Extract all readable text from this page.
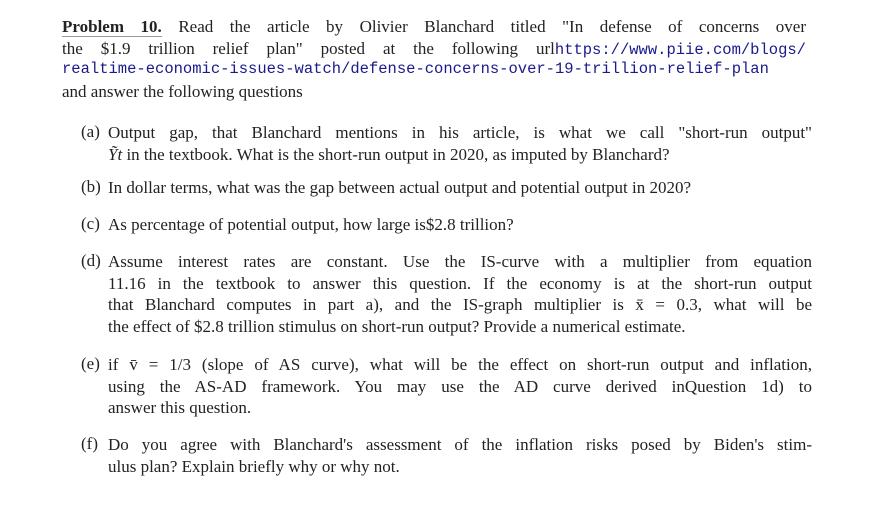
Problem 10. Read the article by Olivier Blanchard titled "In defense of concerns over
the $1.9 trillion relief plan" posted at the following urlhttps://www.piie.com/blogs/
realtime-economic-issues-watch/defense-concerns-over-19-trillion-relief-plan
and answer the following questions
(a) Output gap, that Blanchard mentions in his article, is what we call "short-run output"
Ỹt in the textbook. What is the short-run output in 2020, as imputed by Blanchard?
(b) In dollar terms, what was the gap between actual output and potential output in 2020?
(c) As percentage of potential output, how large is$2.8 trillion?
(d) Assume interest rates are constant. Use the IS-curve with a multiplier from equation
11.16 in the textbook to answer this question. If the economy is at the short-run output
that Blanchard computes in part a), and the IS-graph multiplier is x̄ = 0.3, what will be
the effect of $2.8 trillion stimulus on short-run output? Provide a numerical estimate.
(e) if v̄ = 1/3 (slope of AS curve), what will be the effect on short-run output and inflation,
using the AS-AD framework. You may use the AD curve derived inQuestion 1d) to
answer this question.
(f) Do you agree with Blanchard's assessment of the inflation risks posed by Biden's stim-
ulus plan? Explain briefly why or why not.
